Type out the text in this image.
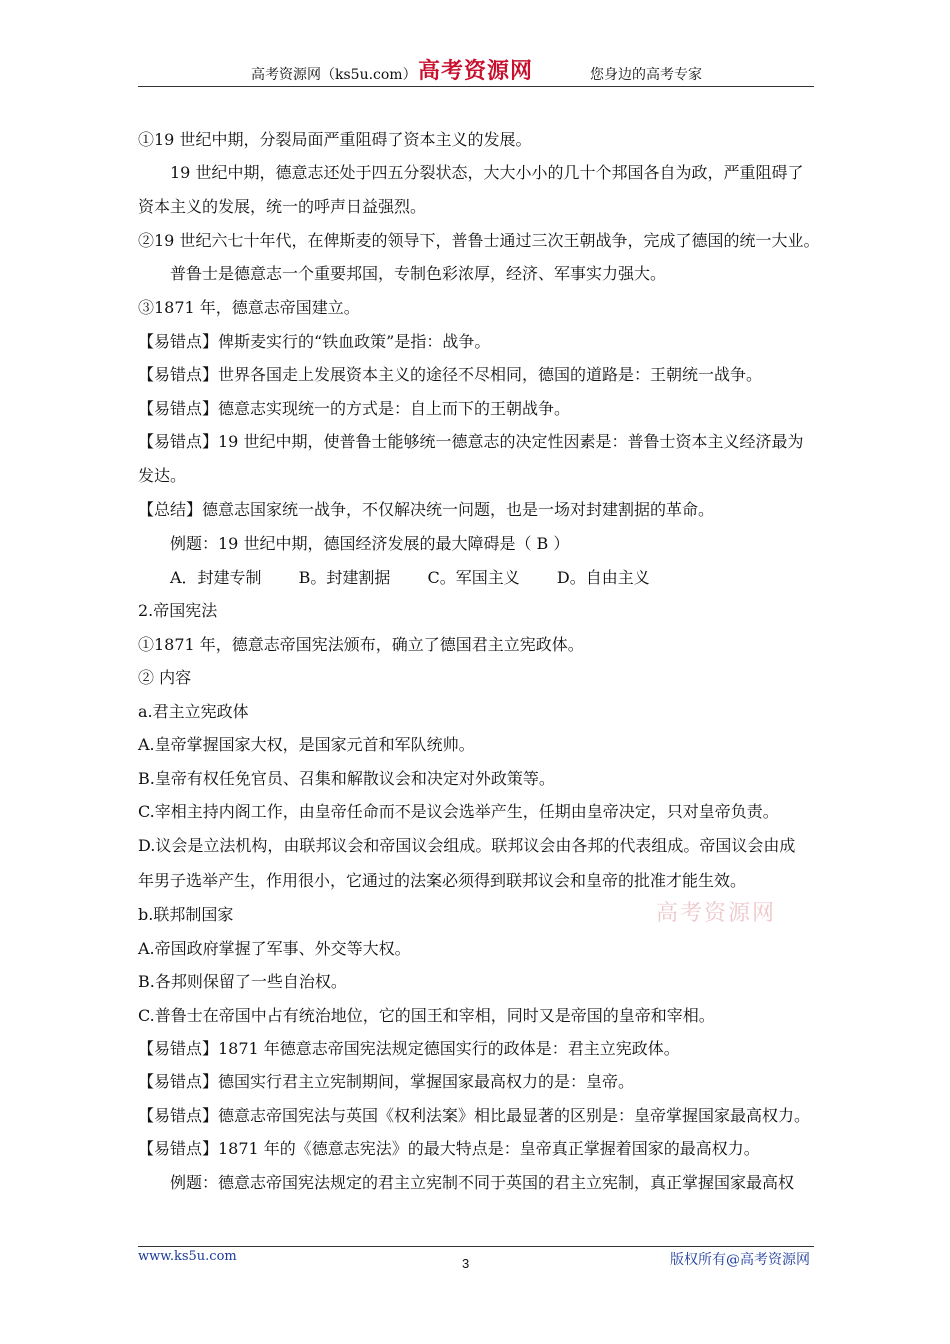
高考资源网（ks5u.com） 高考资源网	您身边的高考专家
①19 世纪中期，分裂局面严重阻碍了资本主义的发展。
19 世纪中期，德意志还处于四五分裂状态，大大小小的几十个邦国各自为政，严重阻碍了
资本主义的发展，统一的呼声日益强烈。
②19 世纪六七十年代，在俾斯麦的领导下，普鲁士通过三次王朝战争，完成了德国的统一大业。
普鲁士是德意志一个重要邦国，专制色彩浓厚，经济、军事实力强大。
③1871 年，德意志帝国建立。
【易错点】俾斯麦实行的“铁血政策”是指：战争。
【易错点】世界各国走上发展资本主义的途径不尽相同，德国的道路是：王朝统一战争。
【易错点】德意志实现统一的方式是：自上而下的王朝战争。
【易错点】19 世纪中期，使普鲁士能够统一德意志的决定性因素是：普鲁士资本主义经济最为
发达。
【总结】德意志国家统一战争，不仅解决统一问题，也是一场对封建割据的革命。
例题：19 世纪中期，德国经济发展的最大障碍是（ B ）
A．封建专制 B。封建割据 C。军国主义 D。自由主义
2.帝国宪法
①1871 年，德意志帝国宪法颁布，确立了德国君主立宪政体。
② 内容
a.君主立宪政体
A.皇帝掌握国家大权，是国家元首和军队统帅。
B.皇帝有权任免官员、召集和解散议会和决定对外政策等。
C.宰相主持内阁工作，由皇帝任命而不是议会选举产生，任期由皇帝决定，只对皇帝负责。
D.议会是立法机构，由联邦议会和帝国议会组成。联邦议会由各邦的代表组成。帝国议会由成
年男子选举产生，作用很小，它通过的法案必须得到联邦议会和皇帝的批准才能生效。
b.联邦制国家
A.帝国政府掌握了军事、外交等大权。
B.各邦则保留了一些自治权。
C.普鲁士在帝国中占有统治地位，它的国王和宰相，同时又是帝国的皇帝和宰相。
【易错点】1871 年德意志帝国宪法规定德国实行的政体是：君主立宪政体。
【易错点】德国实行君主立宪制期间，掌握国家最高权力的是：皇帝。
【易错点】德意志帝国宪法与英国《权利法案》相比最显著的区别是：皇帝掌握国家最高权力。
【易错点】1871 年的《德意志宪法》的最大特点是：皇帝真正掌握着国家的最高权力。
例题：德意志帝国宪法规定的君主立宪制不同于英国的君主立宪制，真正掌握国家最高权
高考资源网
www.ks5u.com	版权所有@高考资源网
3
